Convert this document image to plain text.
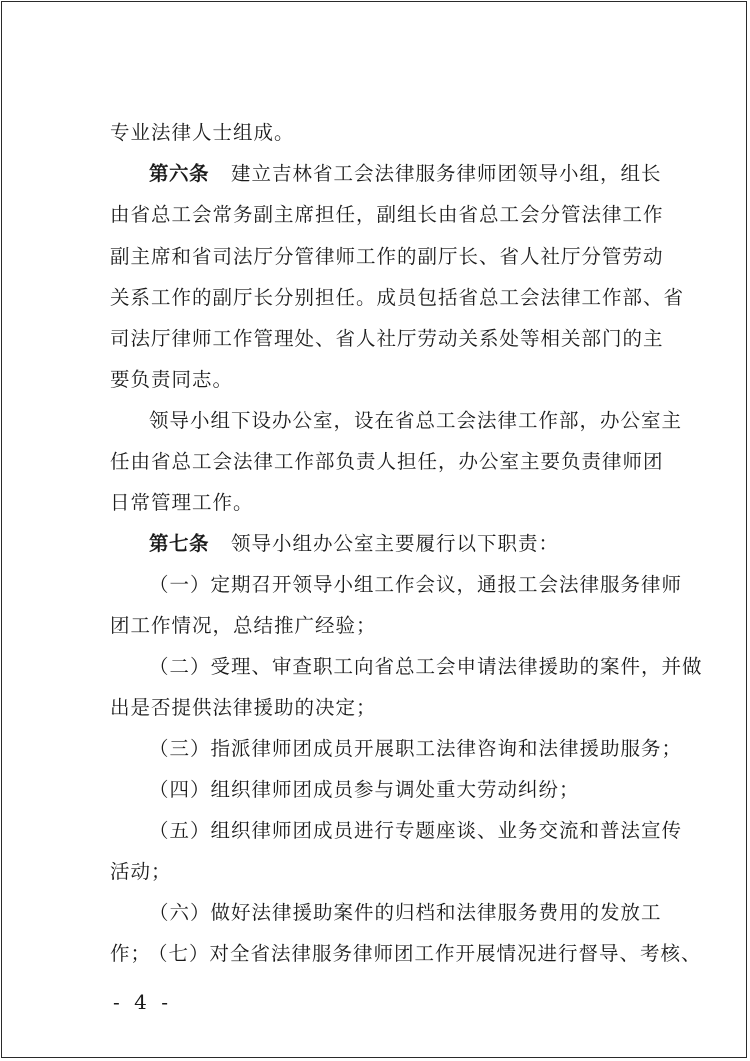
专业法律人士组成。
第六条 建立吉林省工会法律服务律师团领导小组，组长
由省总工会常务副主席担任，副组长由省总工会分管法律工作
副主席和省司法厅分管律师工作的副厅长、省人社厅分管劳动
关系工作的副厅长分别担任。成员包括省总工会法律工作部、省
司法厅律师工作管理处、省人社厅劳动关系处等相关部门的主
要负责同志。
领导小组下设办公室，设在省总工会法律工作部，办公室主
任由省总工会法律工作部负责人担任，办公室主要负责律师团
日常管理工作。
第七条 领导小组办公室主要履行以下职责：
（一）定期召开领导小组工作会议，通报工会法律服务律师
团工作情况，总结推广经验；
（二）受理、审查职工向省总工会申请法律援助的案件，并做
出是否提供法律援助的决定；
（三）指派律师团成员开展职工法律咨询和法律援助服务；
（四）组织律师团成员参与调处重大劳动纠纷；
（五）组织律师团成员进行专题座谈、业务交流和普法宣传
活动；
（六）做好法律援助案件的归档和法律服务费用的发放工
作；
（七）对全省法律服务律师团工作开展情况进行督导、考核、
- 4 -
